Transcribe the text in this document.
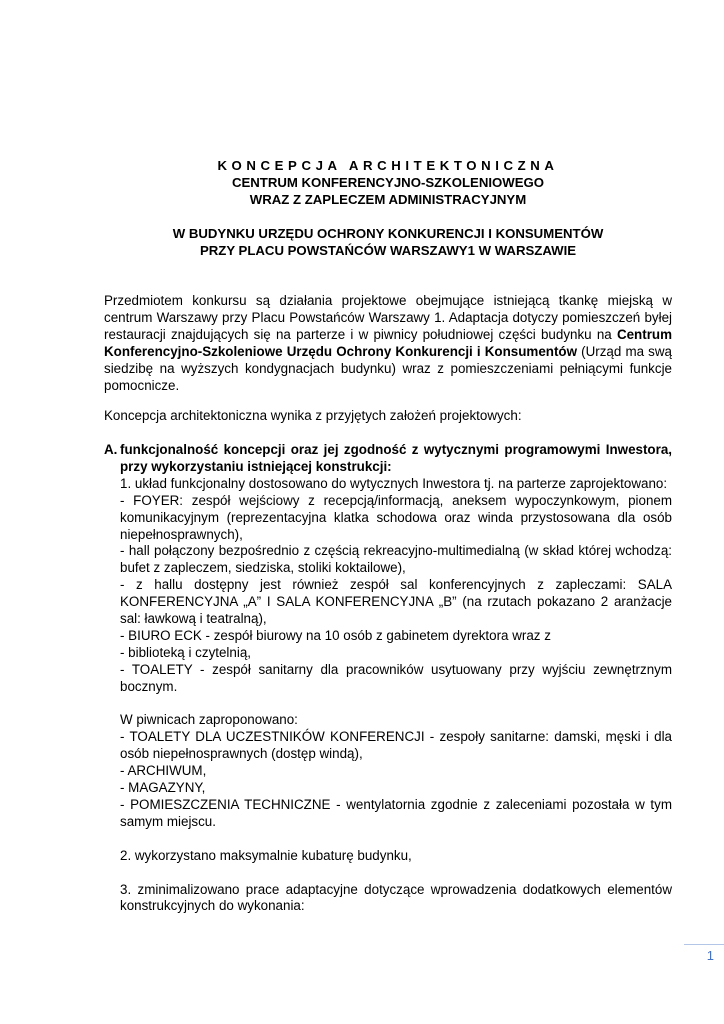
KONCEPCJA ARCHITEKTONICZNA
CENTRUM KONFERENCYJNO-SZKOLENIOWEGO
WRAZ Z ZAPLECZEM ADMINISTRACYJNYM
W BUDYNKU URZĘDU OCHRONY KONKURENCJI I KONSUMENTÓW
PRZY PLACU POWSTAŃCÓW WARSZAWY1 W WARSZAWIE
Przedmiotem konkursu są działania projektowe obejmujące istniejącą tkankę miejską w centrum Warszawy przy Placu Powstańców Warszawy 1. Adaptacja dotyczy pomieszczeń byłej restauracji znajdujących się na parterze i w piwnicy południowej części budynku na Centrum Konferencyjno-Szkoleniowe Urzędu Ochrony Konkurencji i Konsumentów (Urząd ma swą siedzibę na wyższych kondygnacjach budynku) wraz z pomieszczeniami pełniącymi funkcje pomocnicze.
Koncepcja architektoniczna wynika z przyjętych założeń projektowych:
A. funkcjonalność koncepcji oraz jej zgodność z wytycznymi programowymi Inwestora, przy wykorzystaniu istniejącej konstrukcji:
1. układ funkcjonalny dostosowano do wytycznych Inwestora tj. na parterze zaprojektowano:
- FOYER: zespół wejściowy z recepcją/informacją, aneksem wypoczynkowym, pionem komunikacyjnym (reprezentacyjna klatka schodowa oraz winda przystosowana dla osób niepełnosprawnych),
- hall połączony bezpośrednio z częścią rekreacyjno-multimedialną (w skład której wchodzą: bufet z zapleczem, siedziska, stoliki koktailowe),
- z hallu dostępny jest również zespół sal konferencyjnych z zapleczami: SALA KONFERENCYJNA „A” I SALA KONFERENCYJNA „B” (na rzutach pokazano 2 aranżacje sal: ławkową i teatralną),
- BIURO ECK - zespół biurowy na 10 osób z gabinetem dyrektora wraz z
- biblioteką i czytelnią,
- TOALETY - zespół sanitarny dla pracowników usytuowany przy wyjściu zewnętrznym bocznym.
W piwnicach zaproponowano:
- TOALETY DLA UCZESTNIKÓW KONFERENCJI - zespoły sanitarne: damski, męski i dla osób niepełnosprawnych (dostęp windą),
- ARCHIWUM,
- MAGAZYNY,
- POMIESZCZENIA TECHNICZNE - wentylatornia zgodnie z zaleceniami pozostała w tym samym miejscu.
2. wykorzystano maksymalnie kubaturę budynku,
3. zminimalizowano prace adaptacyjne dotyczące wprowadzenia dodatkowych elementów konstrukcyjnych do wykonania:
1
